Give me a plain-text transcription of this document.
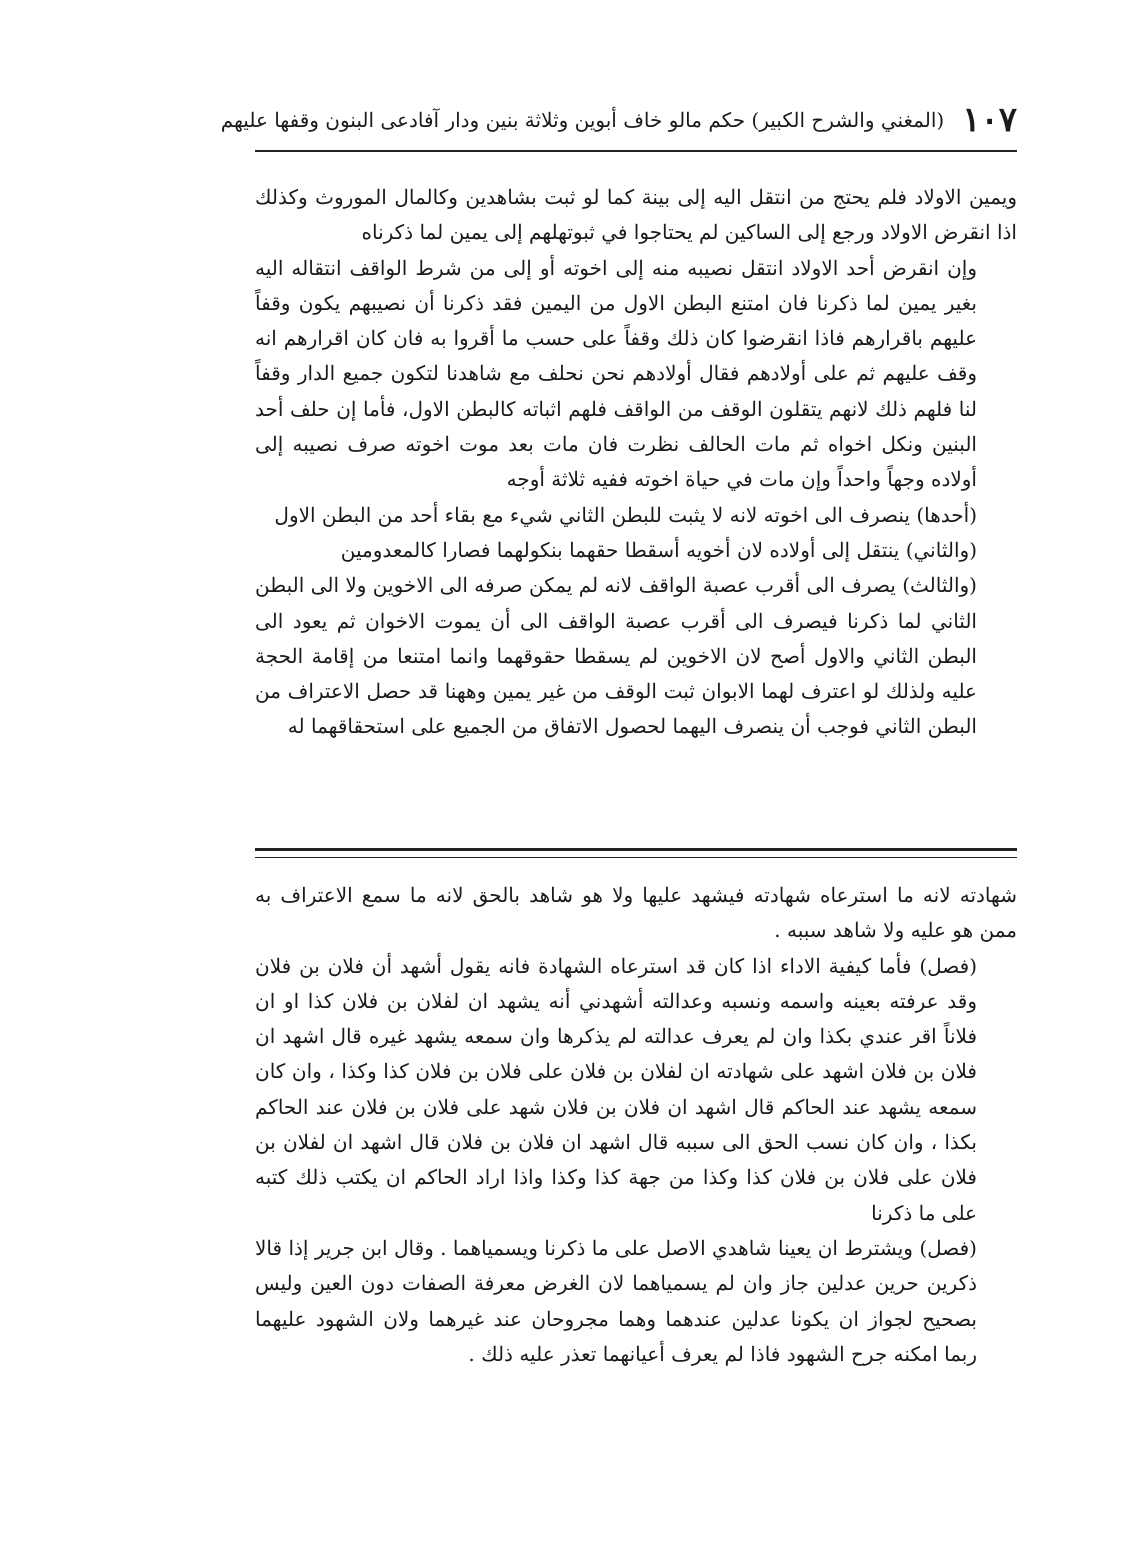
١٠٧
(المغني والشرح الكبير) حكم مالو خاف أبوين وثلاثة بنين ودار آفادعى البنون وقفها عليهم

ويمين الاولاد فلم يحتج من انتقل اليه إلى بينة كما لو ثبت بشاهدين وكالمال الموروث وكذلك اذا انقرض الاولاد ورجع إلى الساكين لم يحتاجوا في ثبوتهلهم إلى يمين لما ذكرناه

وإن انقرض أحد الاولاد انتقل نصيبه منه إلى اخوته أو إلى من شرط الواقف انتقاله اليه بغير يمين لما ذكرنا فان امتنع البطن الاول من اليمين فقد ذكرنا أن نصيبهم يكون وقفاً عليهم باقرارهم فاذا انقرضوا كان ذلك وقفاً على حسب ما أقروا به فان كان اقرارهم انه وقف عليهم ثم على أولادهم فقال أولادهم نحن نحلف مع شاهدنا لتكون جميع الدار وقفاً لنا فلهم ذلك لانهم يتقلون الوقف من الواقف فلهم اثباته كالبطن الاول، فأما إن حلف أحد البنين ونكل اخواه ثم مات الحالف نظرت فان مات بعد موت اخوته صرف نصيبه إلى أولاده وجهاً واحداً وإن مات في حياة اخوته ففيه ثلاثة أوجه

(أحدها) ينصرف الى اخوته لانه لا يثبت للبطن الثاني شيء مع بقاء أحد من البطن الاول

(والثاني) ينتقل إلى أولاده لان أخويه أسقطا حقهما بنكولهما فصارا كالمعدومين

(والثالث) يصرف الى أقرب عصبة الواقف لانه لم يمكن صرفه الى الاخوين ولا الى البطن الثاني لما ذكرنا فيصرف الى أقرب عصبة الواقف الى أن يموت الاخوان ثم يعود الى البطن الثاني والاول أصح لان الاخوين لم يسقطا حقوقهما وانما امتنعا من إقامة الحجة عليه ولذلك لو اعترف لهما الابوان ثبت الوقف من غير يمين وههنا قد حصل الاعتراف من البطن الثاني فوجب أن ينصرف اليهما لحصول الاتفاق من الجميع على استحقاقهما له

شهادته لانه ما استرعاه شهادته فيشهد عليها ولا هو شاهد بالحق لانه ما سمع الاعتراف به ممن هو عليه ولا شاهد سببه .

(فصل) فأما كيفية الاداء اذا كان قد استرعاه الشهادة فانه يقول أشهد أن فلان بن فلان وقد عرفته بعينه واسمه ونسبه وعدالته أشهدني أنه يشهد ان لفلان بن فلان كذا او ان فلاناً اقر عندي بكذا وان لم يعرف عدالته لم يذكرها وان سمعه يشهد غيره قال اشهد ان فلان بن فلان اشهد على شهادته ان لفلان بن فلان على فلان بن فلان كذا وكذا ، وان كان سمعه يشهد عند الحاكم قال اشهد ان فلان بن فلان شهد على فلان بن فلان عند الحاكم بكذا ، وان كان نسب الحق الى سببه قال اشهد ان فلان بن فلان قال اشهد ان لفلان بن فلان على فلان بن فلان كذا وكذا من جهة كذا وكذا واذا اراد الحاكم ان يكتب ذلك كتبه على ما ذكرنا

(فصل) ويشترط ان يعينا شاهدي الاصل على ما ذكرنا ويسمياهما . وقال ابن جرير إذا قالا ذكرين حرين عدلين جاز وان لم يسمياهما لان الغرض معرفة الصفات دون العين وليس بصحيح لجواز ان يكونا عدلين عندهما وهما مجروحان عند غيرهما ولان الشهود عليهما ربما امكنه جرح الشهود فاذا لم يعرف أعيانهما تعذر عليه ذلك .
